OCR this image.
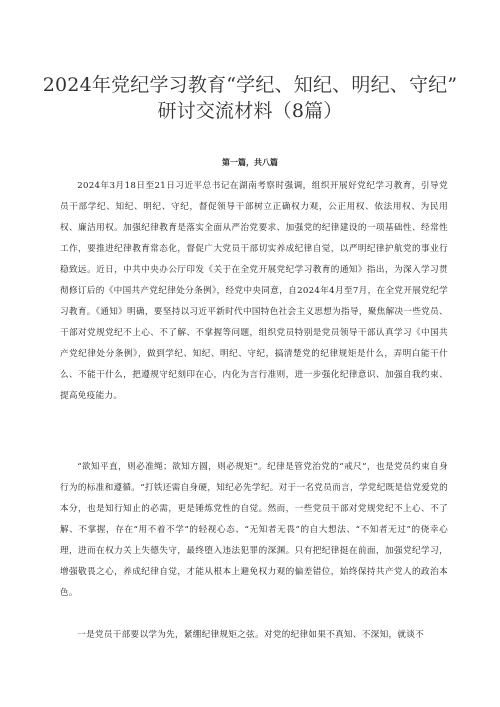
2024年党纪学习教育“学纪、知纪、明纪、守纪”
研讨交流材料（8篇）
第一篇，共八篇

2024年3月18日至21日习近平总书记在湖南考察时强调，组织开展好党纪学习教育，引导党员干部学纪、知纪、明纪、守纪，督促领导干部树立正确权力观，公正用权、依法用权、为民用权、廉洁用权。加强纪律教育是落实全面从严治党要求、加强党的纪律建设的一项基础性、经常性工作，要推进纪律教育常态化，督促广大党员干部切实养成纪律自觉，以严明纪律护航党的事业行稳致远。近日，中共中央办公厅印发《关于在全党开展党纪学习教育的通知》指出，为深入学习贯彻修订后的《中国共产党纪律处分条例》，经党中央同意，自2024年4月至7月，在全党开展党纪学习教育。《通知》明确，要坚持以习近平新时代中国特色社会主义思想为指导，聚焦解决一些党员、干部对党规党纪不上心、不了解、不掌握等问题，组织党员特别是党员领导干部认真学习《中国共产党纪律处分条例》，做到学纪、知纪、明纪、守纪，搞清楚党的纪律规矩是什么，弄明白能干什么、不能干什么，把遵规守纪刻印在心，内化为言行准则，进一步强化纪律意识、加强自我约束、提高免疫能力。

“欲知平直，则必准绳；欲知方圆，则必规矩”。纪律是管党治党的“戒尺”，也是党员约束自身行为的标准和遵循。“打铁还需自身硬，知纪必先学纪。对于一名党员而言，学党纪既是信党爱党的本分，也是知行知止的必需，更是锤炼党性的自觉。然而，一些党员干部对党规党纪不上心、不了解、不掌握，存在“用不着不学”的轻视心态、“无知者无畏”的自大想法、“不知者无过”的侥幸心理，进而在权力关上失德失守，最终堕入违法犯罪的深渊。只有把纪律挺在前面，加强党纪学习，增强敬畏之心，养成纪律自觉，才能从根本上避免权力观的偏差错位，始终保持共产党人的政治本色。

一是党员干部要以学为先，紧绷纪律规矩之弦。对党的纪律如果不真知、不深知，就谈不
